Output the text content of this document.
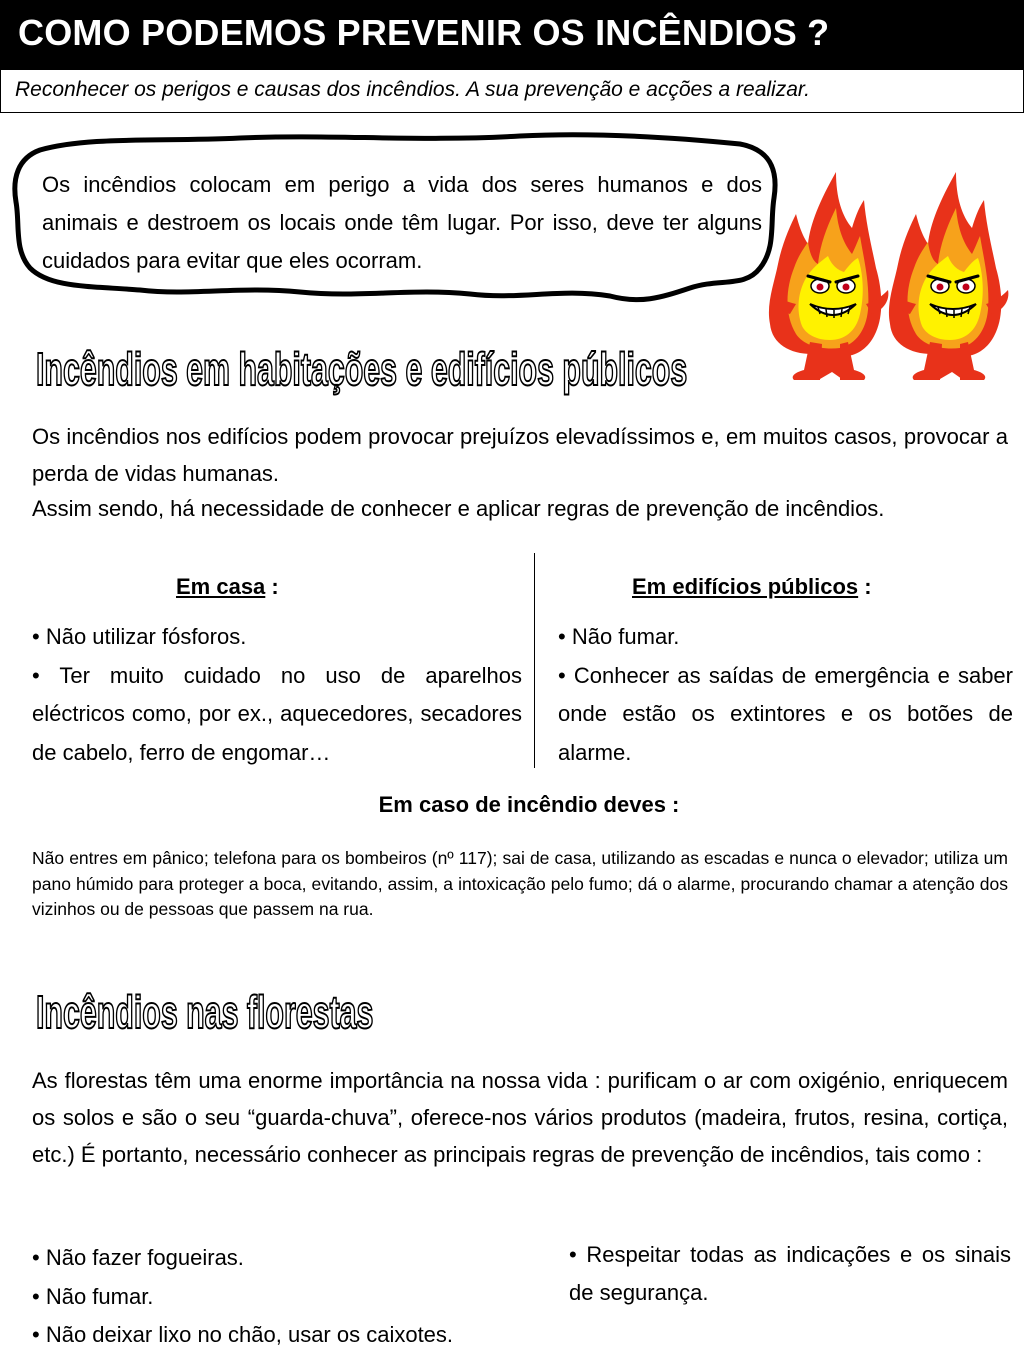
COMO PODEMOS PREVENIR OS INCÊNDIOS ?
Reconhecer os perigos e causas dos incêndios. A sua prevenção e acções a realizar.
Os incêndios colocam em perigo a vida dos seres humanos e dos animais e destroem os locais onde têm lugar. Por isso, deve ter alguns cuidados para evitar que eles ocorram.
Incêndios em habitações e edifícios públicos
Os incêndios nos edifícios podem provocar prejuízos elevadíssimos e, em muitos casos, provocar a perda de vidas humanas.
Assim sendo, há necessidade de conhecer e aplicar regras de prevenção de incêndios.
Em casa :	Em edifícios públicos :
• Não utilizar fósforos.
• Ter muito cuidado no uso de aparelhos eléctricos como, por ex., aquecedores, secadores de cabelo, ferro de engomar…
• Não fumar.
• Conhecer as saídas de emergência e saber onde estão os extintores e os botões de alarme.
Em caso de incêndio deves :
Não entres em pânico; telefona para os bombeiros (nº 117); sai de casa, utilizando as escadas e nunca o elevador; utiliza um pano húmido para proteger a boca, evitando, assim, a intoxicação pelo fumo; dá o alarme, procurando chamar a atenção dos vizinhos ou de pessoas que passem na rua.
Incêndios nas florestas
As florestas têm uma enorme importância na nossa vida : purificam o ar com oxigénio, enriquecem os solos e são o seu “guarda-chuva”, oferece-nos vários produtos (madeira, frutos, resina, cortiça, etc.) É portanto, necessário conhecer as principais regras de prevenção de incêndios, tais como :
• Não fazer fogueiras.
• Não fumar.
• Não deixar lixo no chão, usar os caixotes.
• Respeitar todas as indicações e os sinais de segurança.
